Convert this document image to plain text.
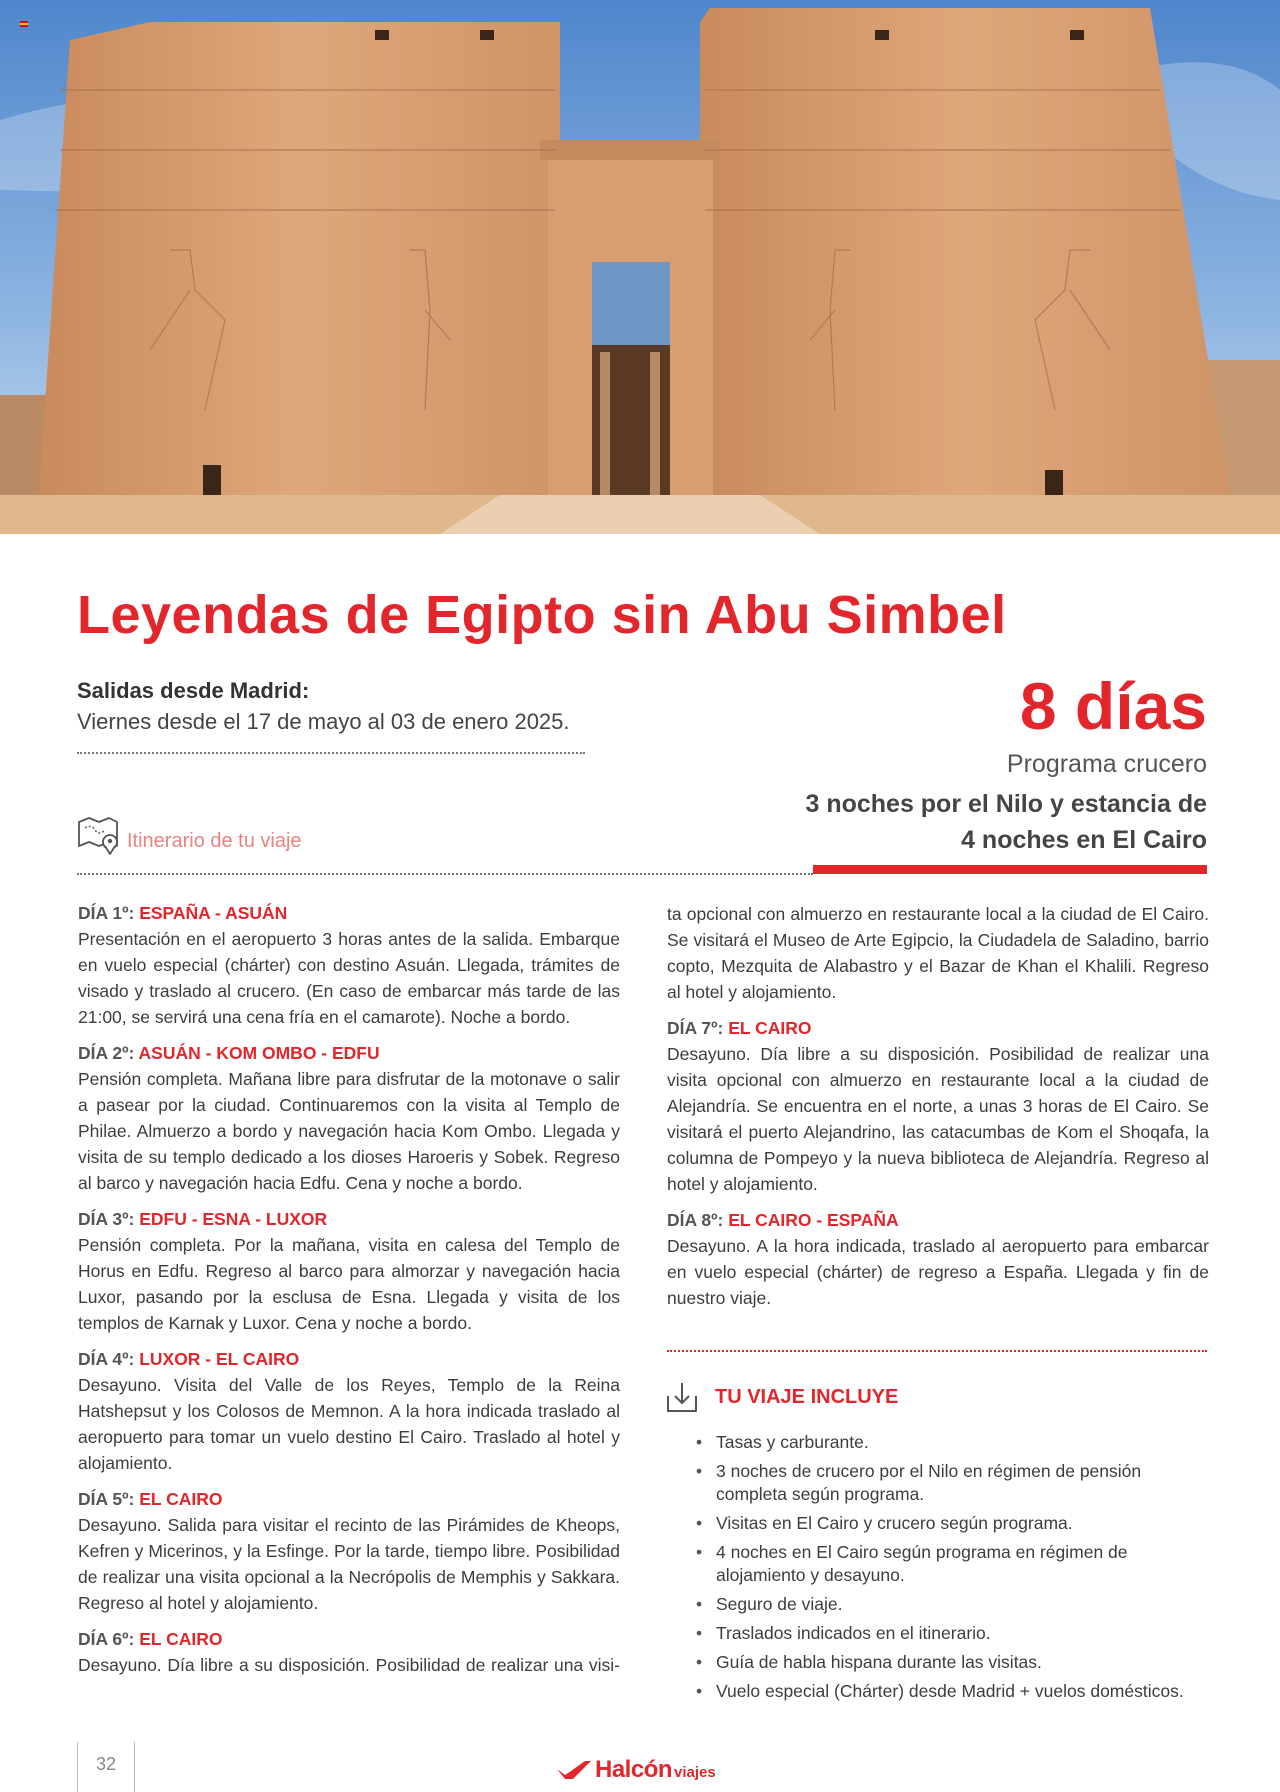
Leyendas de Egipto sin Abu Simbel
Salidas desde Madrid:
Viernes desde el 17 de mayo al 03 de enero 2025.	8 días
Programa crucero
3 noches por el Nilo y estancia de
4 noches en El Cairo
Itinerario de tu viaje
DÍA 1º: ESPAÑA - ASUÁN
Presentación en el aeropuerto 3 horas antes de la salida. Embarque en vuelo especial (chárter) con destino Asuán. Llegada, trámites de visado y traslado al crucero. (En caso de embarcar más tarde de las 21:00, se servirá una cena fría en el camarote). Noche a bordo.
DÍA 2º: ASUÁN - KOM OMBO - EDFU
Pensión completa. Mañana libre para disfrutar de la motonave o salir a pasear por la ciudad. Continuaremos con la visita al Templo de Philae. Almuerzo a bordo y navegación hacia Kom Ombo. Llegada y visita de su templo dedicado a los dioses Haroeris y Sobek. Regreso al barco y navegación hacia Edfu. Cena y noche a bordo.
DÍA 3º: EDFU - ESNA - LUXOR
Pensión completa. Por la mañana, visita en calesa del Templo de Horus en Edfu. Regreso al barco para almorzar y navegación hacia Luxor, pasando por la esclusa de Esna. Llegada y visita de los templos de Karnak y Luxor. Cena y noche a bordo.
DÍA 4º: LUXOR - EL CAIRO
Desayuno. Visita del Valle de los Reyes, Templo de la Reina Hatshepsut y los Colosos de Memnon. A la hora indicada traslado al aeropuerto para tomar un vuelo destino El Cairo. Traslado al hotel y alojamiento.
DÍA 5º: EL CAIRO
Desayuno. Salida para visitar el recinto de las Pirámides de Kheops, Kefren y Micerinos, y la Esfinge. Por la tarde, tiempo libre. Posibilidad de realizar una visita opcional a la Necrópolis de Memphis y Sakkara. Regreso al hotel y alojamiento.
DÍA 6º: EL CAIRO
Desayuno. Día libre a su disposición. Posibilidad de realizar una visi-
ta opcional con almuerzo en restaurante local a la ciudad de El Cairo. Se visitará el Museo de Arte Egipcio, la Ciudadela de Saladino, barrio copto, Mezquita de Alabastro y el Bazar de Khan el Khalili. Regreso al hotel y alojamiento.
DÍA 7º: EL CAIRO
Desayuno. Día libre a su disposición. Posibilidad de realizar una visita opcional con almuerzo en restaurante local a la ciudad de Alejandría. Se encuentra en el norte, a unas 3 horas de El Cairo. Se visitará el puerto Alejandrino, las catacumbas de Kom el Shoqafa, la columna de Pompeyo y la nueva biblioteca de Alejandría. Regreso al hotel y alojamiento.
DÍA 8º: EL CAIRO - ESPAÑA
Desayuno. A la hora indicada, traslado al aeropuerto para embarcar en vuelo especial (chárter) de regreso a España. Llegada y fin de nuestro viaje.
TU VIAJE INCLUYE
• Tasas y carburante.
• 3 noches de crucero por el Nilo en régimen de pensión completa según programa.
• Visitas en El Cairo y crucero según programa.
• 4 noches en El Cairo según programa en régimen de alojamiento y desayuno.
• Seguro de viaje.
• Traslados indicados en el itinerario.
• Guía de habla hispana durante las visitas.
• Vuelo especial (Chárter) desde Madrid + vuelos domésticos.
32	Halcón viajes
